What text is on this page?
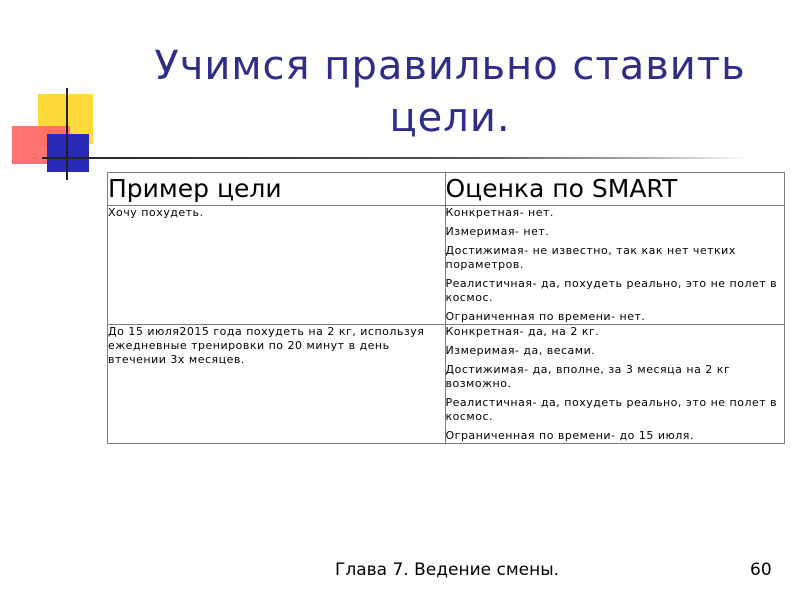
Учимся правильно ставить
цели.
Пример цели	Оценка по SMART

Хочу похудеть.	Конкретная- нет.

Измеримая- нет.

Достижимая- не известно, так как нет четких пораметров.

Реалистичная- да, похудеть реально, это не полет в космос.

Ограниченная по времени- нет.

До 15 июля2015 года похудеть на 2 кг, используя ежедневные тренировки по 20 минут в день втечении 3х месяцев.	Конкретная- да, на 2 кг.

Измеримая- да, весами.

Достижимая- да, вполне, за 3 месяца на 2 кг возможно.

Реалистичная- да, похудеть реально, это не полет в космос.

Ограниченная по времени- до 15 июля.

Глава 7. Ведение смены.	60
